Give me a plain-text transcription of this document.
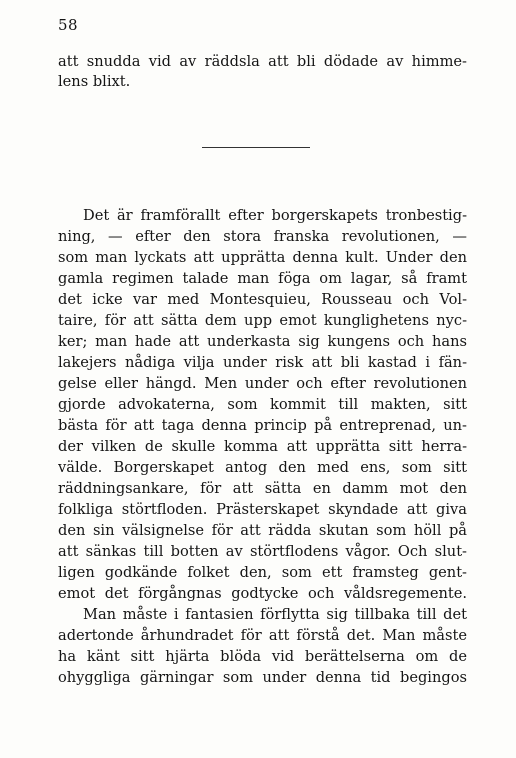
58
att snudda vid av räddsla att bli dödade av himme-
lens blixt.
Det är framförallt efter borgerskapets tronbestig-
ning, — efter den stora franska revolutionen, —
som man lyckats att upprätta denna kult. Under den
gamla regimen talade man föga om lagar, så framt
det icke var med Montesquieu, Rousseau och Vol-
taire, för att sätta dem upp emot kunglighetens nyc-
ker; man hade att underkasta sig kungens och hans
lakejers nådiga vilja under risk att bli kastad i fän-
gelse eller hängd. Men under och efter revolutionen
gjorde advokaterna, som kommit till makten, sitt
bästa för att taga denna princip på entreprenad, un-
der vilken de skulle komma att upprätta sitt herra-
välde. Borgerskapet antog den med ens, som sitt
räddningsankare, för att sätta en damm mot den
folkliga störtfloden. Prästerskapet skyndade att giva
den sin välsignelse för att rädda skutan som höll på
att sänkas till botten av störtflodens vågor. Och slut-
ligen godkände folket den, som ett framsteg gent-
emot det förgångnas godtycke och våldsregemente.
Man måste i fantasien förflytta sig tillbaka till det
adertonde århundradet för att förstå det. Man måste
ha känt sitt hjärta blöda vid berättelserna om de
ohyggliga gärningar som under denna tid begingos
